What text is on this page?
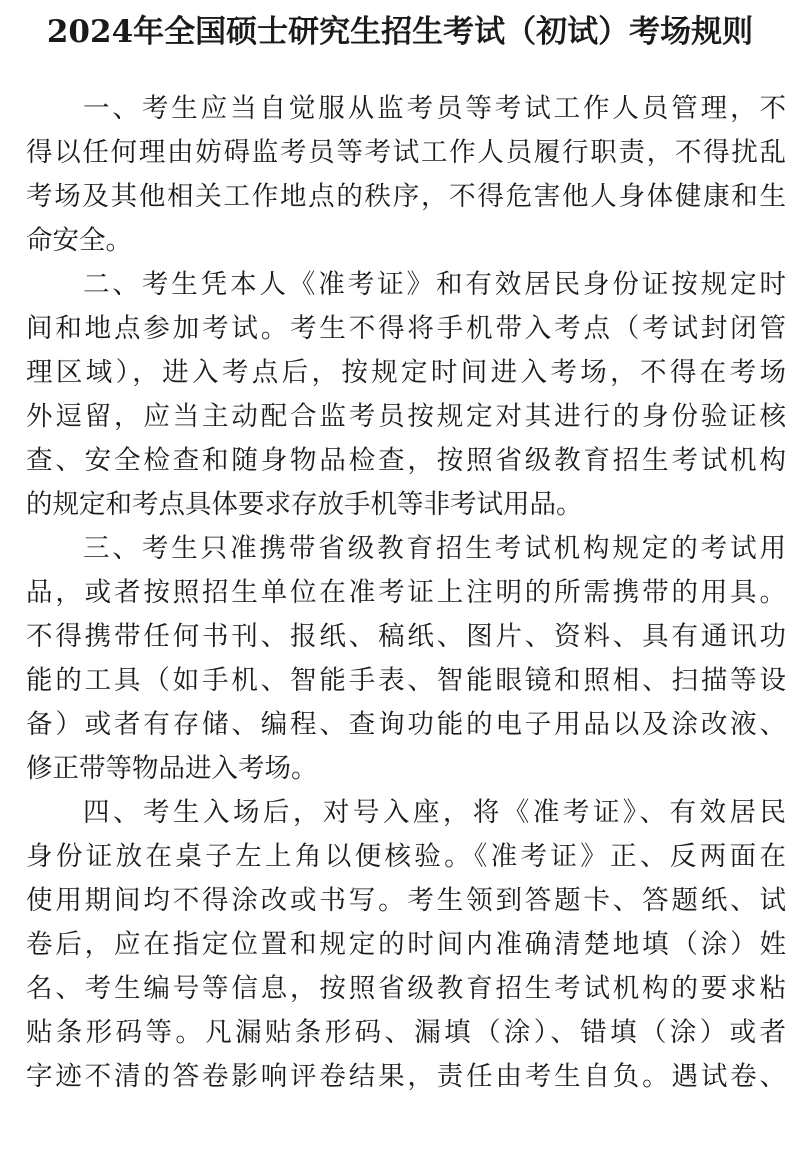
2024年全国硕士研究生招生考试（初试）考场规则
一、考生应当自觉服从监考员等考试工作人员管理，不
得以任何理由妨碍监考员等考试工作人员履行职责，不得扰乱
考场及其他相关工作地点的秩序，不得危害他人身体健康和生
命安全。
二、考生凭本人《准考证》和有效居民身份证按规定时
间和地点参加考试。考生不得将手机带入考点（考试封闭管
理区域），进入考点后，按规定时间进入考场，不得在考场
外逗留，应当主动配合监考员按规定对其进行的身份验证核
查、安全检查和随身物品检查，按照省级教育招生考试机构
的规定和考点具体要求存放手机等非考试用品。
三、考生只准携带省级教育招生考试机构规定的考试用
品，或者按照招生单位在准考证上注明的所需携带的用具。
不得携带任何书刊、报纸、稿纸、图片、资料、具有通讯功
能的工具（如手机、智能手表、智能眼镜和照相、扫描等设
备）或者有存储、编程、查询功能的电子用品以及涂改液、
修正带等物品进入考场。
四、考生入场后，对号入座，将《准考证》、有效居民
身份证放在桌子左上角以便核验。《准考证》正、反两面在
使用期间均不得涂改或书写。考生领到答题卡、答题纸、试
卷后，应在指定位置和规定的时间内准确清楚地填（涂）姓
名、考生编号等信息，按照省级教育招生考试机构的要求粘
贴条形码等。凡漏贴条形码、漏填（涂）、错填（涂）或者
字迹不清的答卷影响评卷结果，责任由考生自负。遇试卷、
